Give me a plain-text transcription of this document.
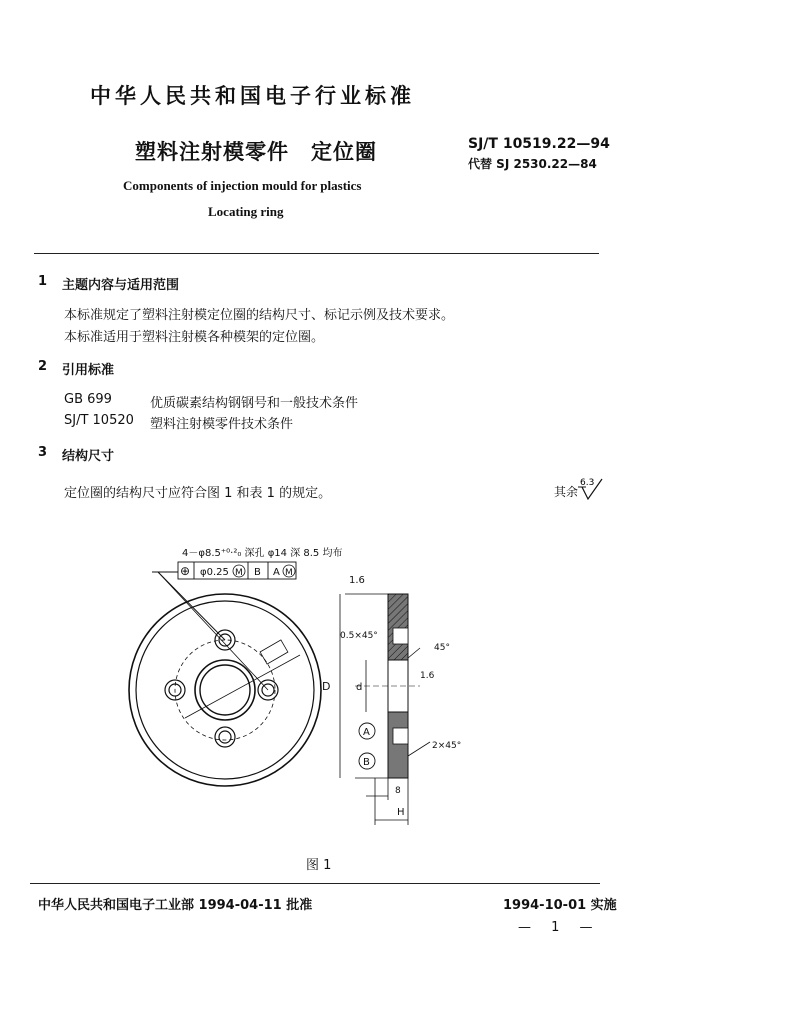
中华人民共和国电子行业标准
塑料注射模零件　定位圈	SJ/T 10519.22—94
代替 SJ 2530.22—84
Components of injection mould for plastics
Locating ring
1 主题内容与适用范围
本标准规定了塑料注射模定位圈的结构尺寸、标记示例及技术要求。
本标准适用于塑料注射模各种模架的定位圈。
2 引用标准
GB 699	优质碳素结构钢钢号和一般技术条件
SJ/T 10520 塑料注射模零件技术条件
3 结构尺寸
定位圈的结构尺寸应符合图 1 和表 1 的规定。	其余
6.3
4－φ8.5⁺⁰·²₀ 深孔 φ14 深 8.5 均布
⊕ φ0.25 M B A M
1.6
0.5×45°
45°
1.6
D	d
A
B
2×45°
8
H
图 1
中华人民共和国电子工业部 1994-04-11 批准	1994-10-01 实施
— 1 —
